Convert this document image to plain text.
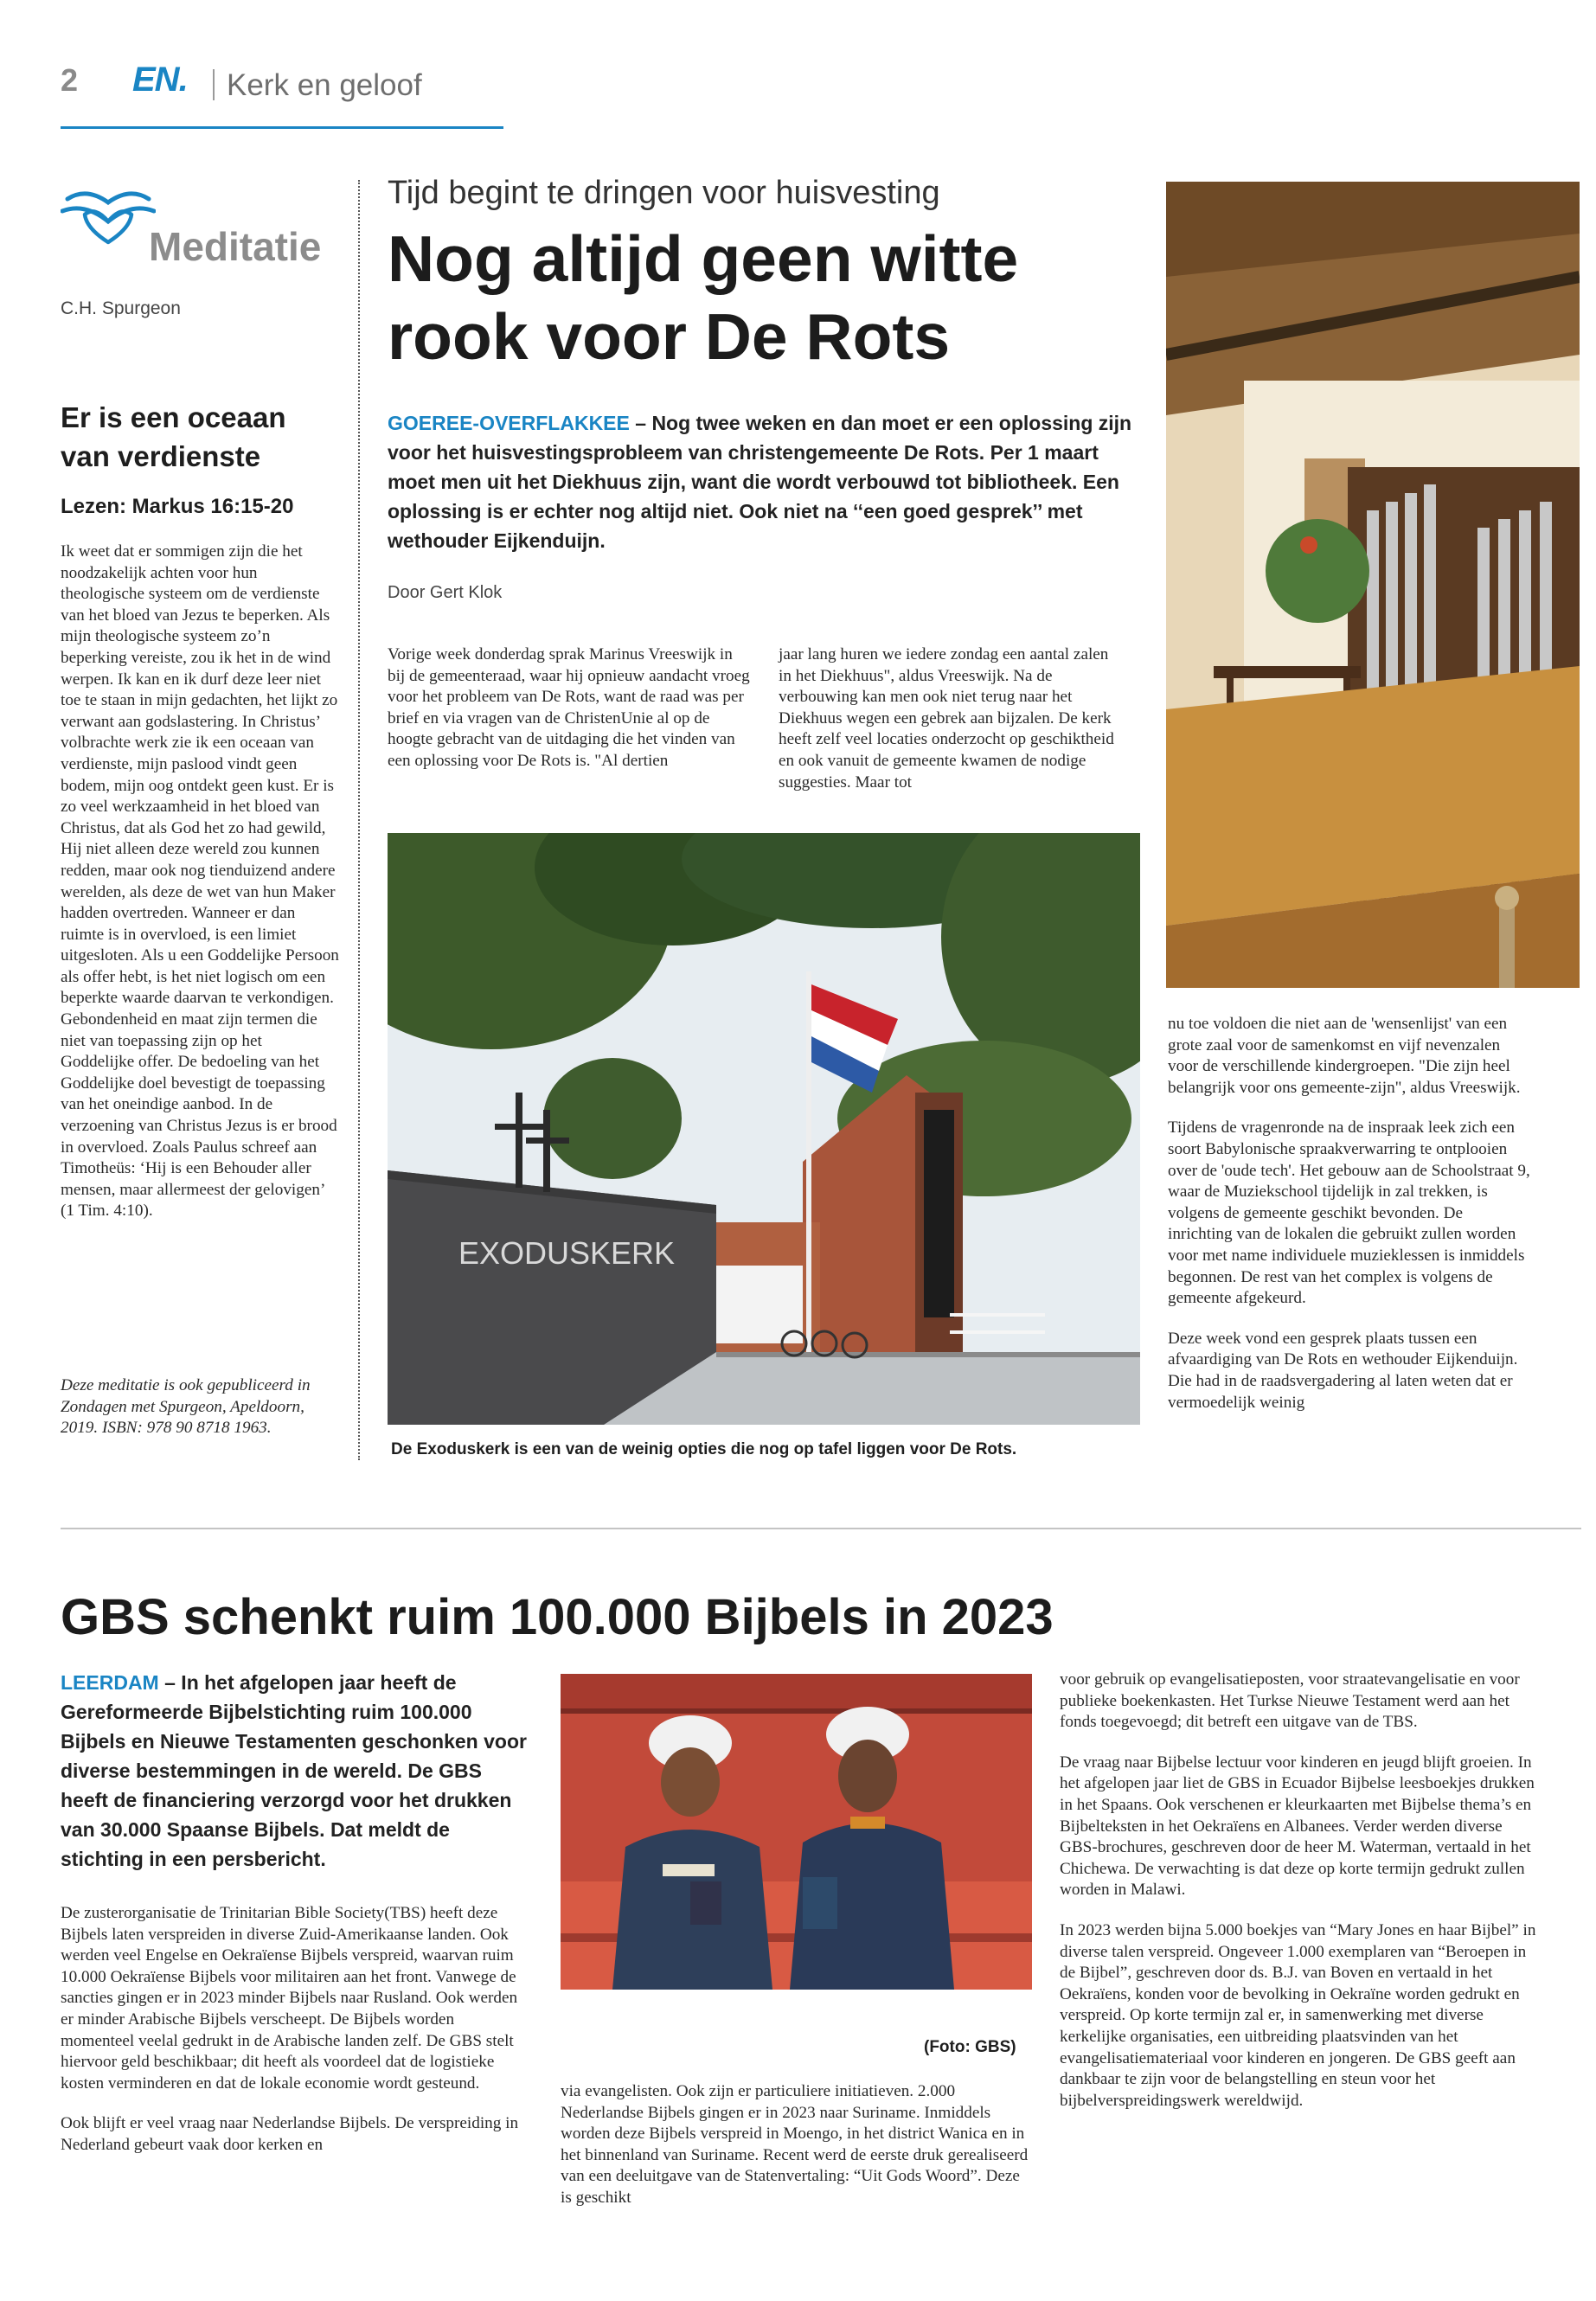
2 EN. Kerk en geloof
Meditatie
C.H. Spurgeon
Er is een oceaan van verdienste
Lezen: Markus 16:15-20
Ik weet dat er sommigen zijn die het noodzakelijk achten voor hun theologische systeem om de verdienste van het bloed van Jezus te beperken. Als mijn theologische systeem zo’n beperking vereiste, zou ik het in de wind werpen. Ik kan en ik durf deze leer niet toe te staan in mijn gedachten, het lijkt zo verwant aan godslastering. In Christus’ volbrachte werk zie ik een oceaan van verdienste, mijn paslood vindt geen bodem, mijn oog ontdekt geen kust. Er is zo veel werkzaamheid in het bloed van Christus, dat als God het zo had gewild, Hij niet alleen deze wereld zou kunnen redden, maar ook nog tienduizend andere werelden, als deze de wet van hun Maker hadden overtreden. Wanneer er dan ruimte is in overvloed, is een limiet uitgesloten. Als u een Goddelijke Persoon als offer hebt, is het niet logisch om een beperkte waarde daarvan te verkondigen. Gebondenheid en maat zijn termen die niet van toepassing zijn op het Goddelijke offer. De bedoeling van het Goddelijke doel bevestigt de toepassing van het oneindige aanbod. In de verzoening van Christus Jezus is er brood in overvloed. Zoals Paulus schreef aan Timotheüs: ‘Hij is een Behouder aller mensen, maar allermeest der gelovigen’ (1 Tim. 4:10).
Deze meditatie is ook gepubliceerd in Zondagen met Spurgeon, Apeldoorn, 2019. ISBN: 978 90 8718 1963.
Tijd begint te dringen voor huisvesting
Nog altijd geen witte rook voor De Rots
GOEREE-OVERFLAKKEE – Nog twee weken en dan moet er een oplossing zijn voor het huisvestingsprobleem van christengemeente De Rots. Per 1 maart moet men uit het Diekhuus zijn, want die wordt verbouwd tot bibliotheek. Een oplossing is er echter nog altijd niet. Ook niet na ‘‘een goed gesprek’’ met wethouder Eijkenduijn.
Door Gert Klok
Vorige week donderdag sprak Marinus Vreeswijk in bij de gemeenteraad, waar hij opnieuw aandacht vroeg voor het probleem van De Rots, want de raad was per brief en via vragen van de ChristenUnie al op de hoogte gebracht van de uitdaging die het vinden van een oplossing voor De Rots is. "Al dertien
jaar lang huren we iedere zondag een aantal zalen in het Diekhuus", aldus Vreeswijk. Na de verbouwing kan men ook niet terug naar het Diekhuus wegen een gebrek aan bijzalen. De kerk heeft zelf veel locaties onderzocht op geschiktheid en ook vanuit de gemeente kwamen de nodige suggesties. Maar tot
EXODUSKERK
De Exoduskerk is een van de weinig opties die nog op tafel liggen voor De Rots.

nu toe voldoen die niet aan de 'wensenlijst' van een grote zaal voor de samenkomst en vijf nevenzalen voor de verschillende kindergroepen. "Die zijn heel belangrijk voor ons gemeente-zijn", aldus Vreeswijk.

Tijdens de vragenronde na de inspraak leek zich een soort Babylonische spraakverwarring te ontplooien over de 'oude tech'. Het gebouw aan de Schoolstraat 9, waar de Muziekschool tijdelijk in zal trekken, is volgens de gemeente geschikt bevonden. De inrichting van de lokalen die gebruikt zullen worden voor met name individuele muzieklessen is inmiddels begonnen. De rest van het complex is volgens de gemeente afgekeurd.

Deze week vond een gesprek plaats tussen een afvaardiging van De Rots en wethouder Eijkenduijn. Die had in de raadsvergadering al laten weten dat er vermoedelijk weinig

GBS schenkt ruim 100.000 Bijbels in 2023
LEERDAM – In het afgelopen jaar heeft de Gereformeerde Bijbelstichting ruim 100.000 Bijbels en Nieuwe Testamenten geschonken voor diverse bestemmingen in de wereld. De GBS heeft de financiering verzorgd voor het drukken van 30.000 Spaanse Bijbels. Dat meldt de stichting in een persbericht.

De zusterorganisatie de Trinitarian Bible Society(TBS) heeft deze Bijbels laten verspreiden in diverse Zuid-Amerikaanse landen. Ook werden veel Engelse en Oekraïense Bijbels verspreid, waarvan ruim 10.000 Oekraïense Bijbels voor militairen aan het front. Vanwege de sancties gingen er in 2023 minder Bijbels naar Rusland. Ook werden er minder Arabische Bijbels verscheept. De Bijbels worden momenteel veelal gedrukt in de Arabische landen zelf. De GBS stelt hiervoor geld beschikbaar; dit heeft als voordeel dat de logistieke kosten verminderen en dat de lokale economie wordt gesteund.

Ook blijft er veel vraag naar Nederlandse Bijbels. De verspreiding in Nederland gebeurt vaak door kerken en

(Foto: GBS)
via evangelisten. Ook zijn er particuliere initiatieven. 2.000 Nederlandse Bijbels gingen er in 2023 naar Suriname. Inmiddels worden deze Bijbels verspreid in Moengo, in het district Wanica en in het binnenland van Suriname. Recent werd de eerste druk gerealiseerd van een deeluitgave van de Statenvertaling: “Uit Gods Woord”. Deze is geschikt

voor gebruik op evangelisatieposten, voor straatevangelisatie en voor publieke boekenkasten. Het Turkse Nieuwe Testament werd aan het fonds toegevoegd; dit betreft een uitgave van de TBS.

De vraag naar Bijbelse lectuur voor kinderen en jeugd blijft groeien. In het afgelopen jaar liet de GBS in Ecuador Bijbelse leesboekjes drukken in het Spaans. Ook verschenen er kleurkaarten met Bijbelse thema’s en Bijbelteksten in het Oekraïens en Albanees. Verder werden diverse GBS-brochures, geschreven door de heer M. Waterman, vertaald in het Chichewa. De verwachting is dat deze op korte termijn gedrukt zullen worden in Malawi.

In 2023 werden bijna 5.000 boekjes van “Mary Jones en haar Bijbel” in diverse talen verspreid. Ongeveer 1.000 exemplaren van “Beroepen in de Bijbel”, geschreven door ds. B.J. van Boven en vertaald in het Oekraïens, konden voor de bevolking in Oekraïne worden gedrukt en verspreid. Op korte termijn zal er, in samenwerking met diverse kerkelijke organisaties, een uitbreiding plaatsvinden van het evangelisatiemateriaal voor kinderen en jongeren. De GBS geeft aan dankbaar te zijn voor de belangstelling en steun voor het bijbelverspreidingswerk wereldwijd.
